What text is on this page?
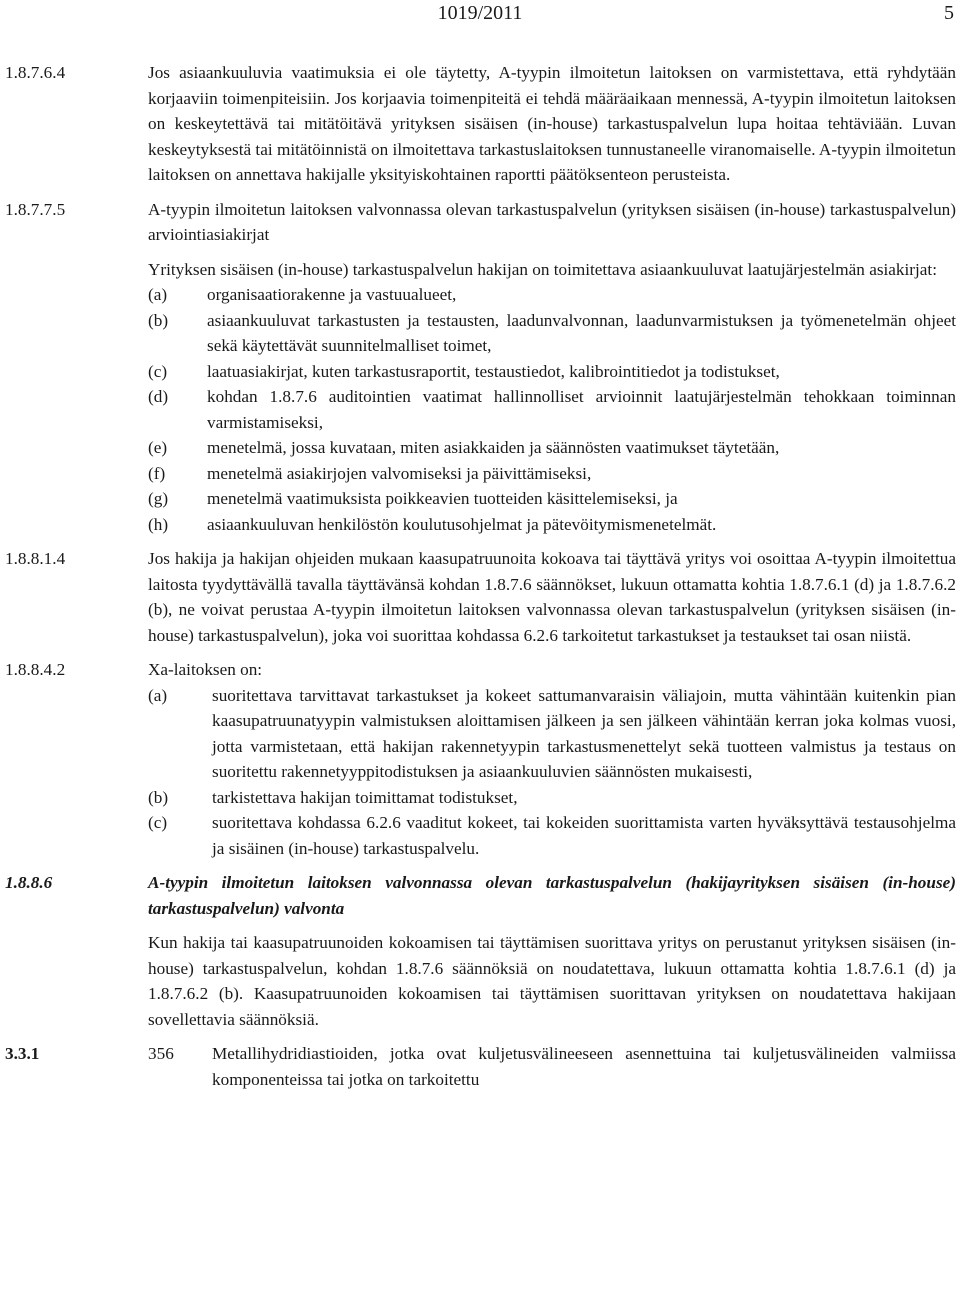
1019/2011	5
1.8.7.6.4	Jos asiaankuuluvia vaatimuksia ei ole täytetty, A-tyypin ilmoitetun laitoksen on varmistettava, että ryhdytään korjaaviin toimenpiteisiin. Jos korjaavia toimenpiteitä ei tehdä määräaikaan mennessä, A-tyypin ilmoitetun laitoksen on keskeytettävä tai mitätöitävä yrityksen sisäisen (in-house) tarkastuspalvelun lupa hoitaa tehtäviään. Luvan keskeytyksestä tai mitätöinnistä on ilmoitettava tarkastuslaitoksen tunnustaneelle viranomaiselle. A-tyypin ilmoitetun laitoksen on annettava hakijalle yksityiskohtainen raportti päätöksenteon perusteista.

1.8.7.7.5	A-tyypin ilmoitetun laitoksen valvonnassa olevan tarkastuspalvelun (yrityksen sisäisen (in-house) tarkastuspalvelun) arviointiasiakirjat

Yrityksen sisäisen (in-house) tarkastuspalvelun hakijan on toimitettava asiaankuuluvat laatujärjestelmän asiakirjat:

(a)	organisaatiorakenne ja vastuualueet,
(b)	asiaankuuluvat tarkastusten ja testausten, laadunvalvonnan, laadunvarmistuksen ja työmenetelmän ohjeet sekä käytettävät suunnitelmalliset toimet,
(c)	laatuasiakirjat, kuten tarkastusraportit, testaustiedot, kalibrointitiedot ja todistukset,
(d)	kohdan 1.8.7.6 auditointien vaatimat hallinnolliset arvioinnit laatujärjestelmän tehokkaan toiminnan varmistamiseksi,
(e)	menetelmä, jossa kuvataan, miten asiakkaiden ja säännösten vaatimukset täytetään,
(f)	menetelmä asiakirjojen valvomiseksi ja päivittämiseksi,
(g)	menetelmä vaatimuksista poikkeavien tuotteiden käsittelemiseksi, ja
(h)	asiaankuuluvan henkilöstön koulutusohjelmat ja pätevöitymismenetelmät.
1.8.8.1.4	Jos hakija ja hakijan ohjeiden mukaan kaasupatruunoita kokoava tai täyttävä yritys voi osoittaa A-tyypin ilmoitettua laitosta tyydyttävällä tavalla täyttävänsä kohdan 1.8.7.6 säännökset, lukuun ottamatta kohtia 1.8.7.6.1 (d) ja 1.8.7.6.2 (b), ne voivat perustaa A-tyypin ilmoitetun laitoksen valvonnassa olevan tarkastuspalvelun (yrityksen sisäisen (in-house) tarkastuspalvelun), joka voi suorittaa kohdassa 6.2.6 tarkoitetut tarkastukset ja testaukset tai osan niistä.

1.8.8.4.2	Xa-laitoksen on:

(a)	suoritettava tarvittavat tarkastukset ja kokeet sattumanvaraisin väliajoin, mutta vähintään kuitenkin pian kaasupatruunatyypin valmistuksen aloittamisen jälkeen ja sen jälkeen vähintään kerran joka kolmas vuosi, jotta varmistetaan, että hakijan rakennetyypin tarkastusmenettelyt sekä tuotteen valmistus ja testaus on suoritettu rakennetyyppitodistuksen ja asiaankuuluvien säännösten mukaisesti,
(b)	tarkistettava hakijan toimittamat todistukset,
(c)	suoritettava kohdassa 6.2.6 vaaditut kokeet, tai kokeiden suorittamista varten hyväksyttävä testausohjelma ja sisäinen (in-house) tarkastuspalvelu.
1.8.8.6	A-tyypin ilmoitetun laitoksen valvonnassa olevan tarkastuspalvelun (hakijayrityksen sisäisen (in-house) tarkastuspalvelun) valvonta

Kun hakija tai kaasupatruunoiden kokoamisen tai täyttämisen suorittava yritys on perustanut yrityksen sisäisen (in-house) tarkastuspalvelun, kohdan 1.8.7.6 säännöksiä on noudatettava, lukuun ottamatta kohtia 1.8.7.6.1 (d) ja 1.8.7.6.2 (b). Kaasupatruunoiden kokoamisen tai täyttämisen suorittavan yrityksen on noudatettava hakijaan sovellettavia säännöksiä.

3.3.1	356	Metallihydridiastioiden, jotka ovat kuljetusvälineeseen asennettuina tai kuljetusvälineiden valmiissa komponenteissa tai jotka on tarkoitettu
